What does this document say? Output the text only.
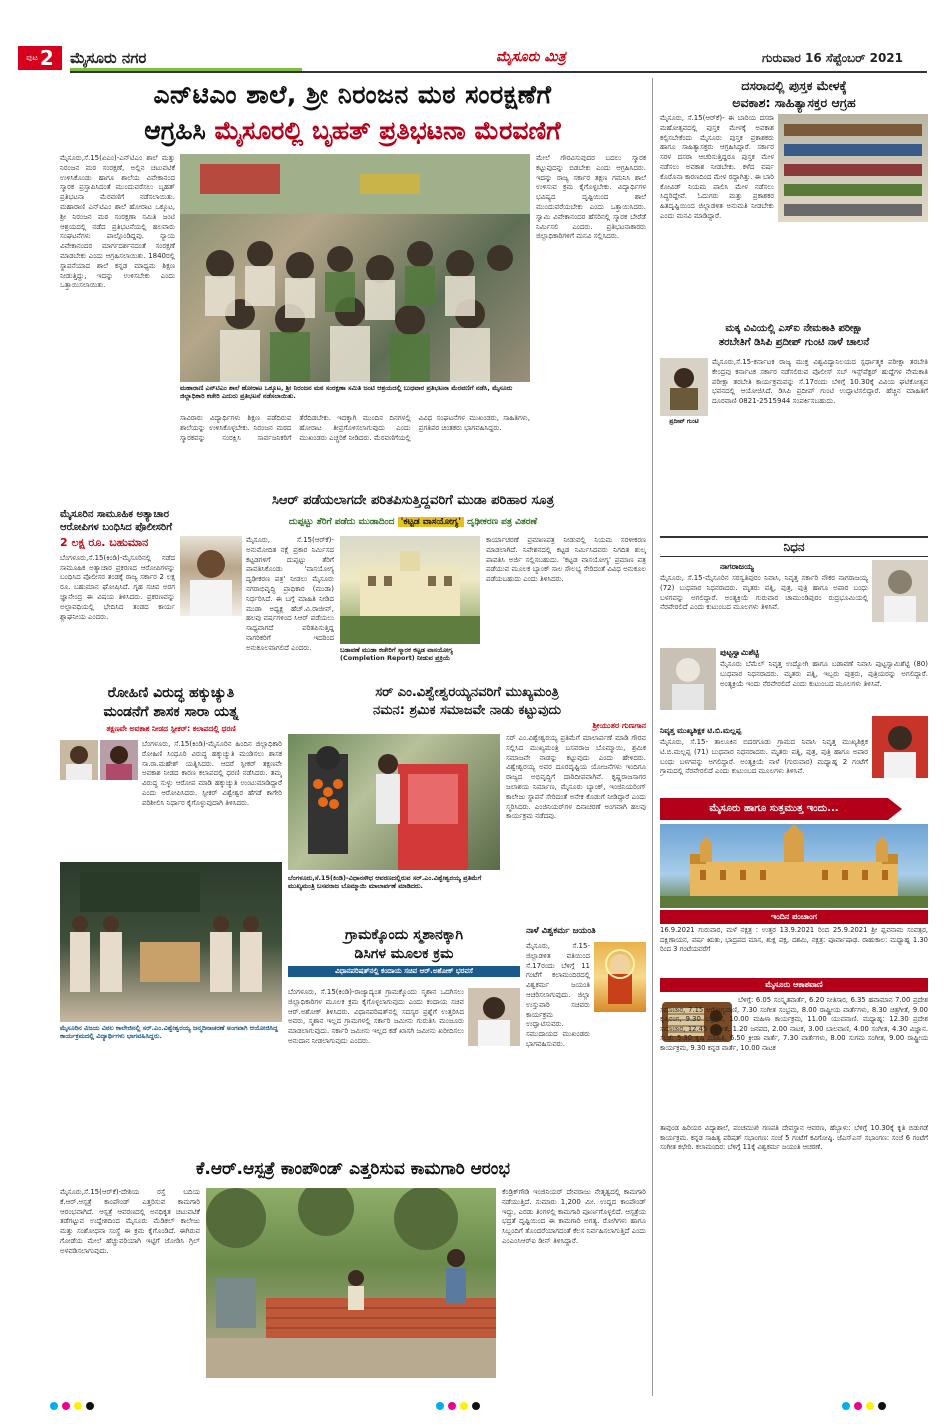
ಪುಟ 2 ಮೈಸೂರು ನಗರ	ಮೈಸೂರು ಮಿತ್ರ	ಗುರುವಾರ 16 ಸೆಪ್ಟೆಂಬರ್ 2021
ಎನ್‌ಟಿಎಂ ಶಾಲೆ, ಶ್ರೀ ನಿರಂಜನ ಮಠ ಸಂರಕ್ಷಣೆಗೆ
ಆಗ್ರಹಿಸಿ ಮೈಸೂರಲ್ಲಿ ಬೃಹತ್ ಪ್ರತಿಭಟನಾ ಮೆರವಣಿಗೆ
ಮೈಸೂರು,ಸೆ.15(ಏಎಂ)-ಎನ್‌ಟಿಎಂ ಶಾಲೆ ಮತ್ತು ನಿರಂಜನ ಮಠ ಸಂರಕ್ಷಣೆ, ಅಲ್ಲಿನ ಚಟುವಟಿಕೆ ಉಳಿಸಿಕೊಂಡು ಹಾಗೂ ಶಾಲೆಯ ವಿವೇಕಾನಂದ ಸ್ಮಾರಕ ಪ್ರಸ್ತಾಪಿಸಿದಂತೆ ಮುಂದುವರೆಸಲು ಬೃಹತ್ ಪ್ರತಿಭಟನಾ ಮೆರವಣಿಗೆ ನಡೆಸಲಾಯಿತು. ಮಹಾರಾಣಿ ಎನ್‌ಟಿಎಂ ಶಾಲೆ ಹೋರಾಟ ಒಕ್ಕೂಟ, ಶ್ರೀ ನಿರಂಜನ ಮಠ ಸಂರಕ್ಷಣಾ ಸಮಿತಿ ಜಂಟಿ ಆಶ್ರಯದಲ್ಲಿ ನಡೆದ ಪ್ರತಿಭಟನೆಯಲ್ಲಿ ಹಲವಾರು ಸಂಘಟನೆಗಳು ಪಾಲ್ಗೊಂಡಿದ್ದವು. ನ್ಯಾಯ ವಿವೇಕಾನಂದರ ಮಾರ್ಗದರ್ಶನದಂತೆ ಸಂರಕ್ಷಣೆ ಮಾಡಬೇಕು ಎಂದು ಆಗ್ರಹಿಸಲಾಯಿತು. 1840ರಲ್ಲಿ ಸ್ಥಾಪನೆಯಾದ ಶಾಲೆ ಕನ್ನಡ ಮಾಧ್ಯಮ ಶಿಕ್ಷಣ ನೀಡುತ್ತಿದ್ದು, ಇದನ್ನು ಉಳಿಸಬೇಕು ಎಂದು ಒತ್ತಾಯಿಸಲಾಯಿತು.
ಮಹಾರಾಣಿ ಎನ್‌ಟಿಎಂ ಶಾಲೆ ಹೋರಾಟ ಒಕ್ಕೂಟ, ಶ್ರೀ ನಿರಂಜನ ಮಠ ಸಂರಕ್ಷಣಾ ಸಮಿತಿ ಜಂಟಿ ಆಶ್ರಯದಲ್ಲಿ ಬುಧವಾರ ಪ್ರತಿಭಟನಾ ಮೆರವಣಿಗೆ ನಡೆಸಿ, ಮೈಸೂರು ಜಿಲ್ಲಾಧಿಕಾರಿ ಕಚೇರಿ ಎದುರು ಪ್ರತಿಭಟನೆ ನಡೆಸಲಾಯಿತು.
ಮೇಲೆ ಗೌರವಿಸುವುದರ ಬದಲು ಸ್ಮಾರಕ ಕಟ್ಟುವುದನ್ನು ಬಿಡಬೇಕು ಎಂದು ಆಗ್ರಹಿಸಿದರು. ಇದನ್ನು ರಾಜ್ಯ ಸರ್ಕಾರ ತಕ್ಷಣ ಗಮನಿಸಿ ಶಾಲೆ ಉಳಿಸುವ ಕ್ರಮ ಕೈಗೊಳ್ಳಬೇಕು. ವಿದ್ಯಾರ್ಥಿಗಳ ಭವಿಷ್ಯದ ದೃಷ್ಟಿಯಿಂದ ಶಾಲೆ ಮುಂದುವರೆಯಬೇಕು ಎಂದು ಒತ್ತಾಯಿಸಿದರು. ಸ್ವಾಮಿ ವಿವೇಕಾನಂದರ ಹೆಸರಿನಲ್ಲಿ ಸ್ಮಾರಕ ಬೇರೆಡೆ ನಿರ್ಮಿಸಲಿ ಎಂದರು. ಪ್ರತಿಭಟನಾಕಾರರು ಜಿಲ್ಲಾಧಿಕಾರಿಗಳಿಗೆ ಮನವಿ ಸಲ್ಲಿಸಿದರು.
ಸಾವಿರಾರು ವಿದ್ಯಾರ್ಥಿಗಳು ಶಿಕ್ಷಣ ಪಡೆದಿರುವ ಶಾಲೆಯನ್ನು ಉಳಿಸಿಕೊಳ್ಳಬೇಕು. ನಿರಂಜನ ಮಠದ ಸ್ಮಾರಕವನ್ನು ಸಂರಕ್ಷಿಸಿ ಸಾರ್ವಜನಿಕರಿಗೆ ತೆರೆದಿಡಬೇಕು. ಇದಕ್ಕಾಗಿ ಮುಂದಿನ ದಿನಗಳಲ್ಲಿ ಹೋರಾಟ ತೀವ್ರಗೊಳಿಸಲಾಗುವುದು ಎಂದು ಮುಖಂಡರು ಎಚ್ಚರಿಕೆ ನೀಡಿದರು. ಮೆರವಣಿಗೆಯಲ್ಲಿ ವಿವಿಧ ಸಂಘಟನೆಗಳ ಮುಖಂಡರು, ಸಾಹಿತಿಗಳು, ಪ್ರಗತಿಪರ ಚಿಂತಕರು ಭಾಗವಹಿಸಿದ್ದರು.
ಮೈಸೂರಿನ ಸಾಮೂಹಿಕ ಅತ್ಯಾಚಾರ ಆರೋಪಿಗಳ ಬಂಧಿಸಿದ ಪೊಲೀಸರಿಗೆ
2 ಲಕ್ಷ ರೂ. ಬಹುಮಾನ
ಬೆಂಗಳೂರು,ಸೆ.15(ಕಿಂಡಿ)-ಮೈಸೂರಿನಲ್ಲಿ ನಡೆದ ಸಾಮೂಹಿಕ ಅತ್ಯಾಚಾರ ಪ್ರಕರಣದ ಆರೋಪಿಗಳನ್ನು ಬಂಧಿಸಿದ ಪೊಲೀಸರ ತಂಡಕ್ಕೆ ರಾಜ್ಯ ಸರ್ಕಾರ 2 ಲಕ್ಷ ರೂ. ಬಹುಮಾನ ಘೋಷಿಸಿದೆ. ಗೃಹ ಸಚಿವ ಅರಗ ಜ್ಞಾನೇಂದ್ರ ಈ ವಿಷಯ ತಿಳಿಸಿದರು. ಪ್ರಕರಣವನ್ನು ಅಲ್ಪಾವಧಿಯಲ್ಲಿ ಭೇದಿಸಿದ ತಂಡದ ಕಾರ್ಯ ಶ್ಲಾಘನೀಯ ಎಂದರು.
ಸಿಆರ್ ಪಡೆಯಲಾಗದೇ ಪರಿತಪಿಸುತ್ತಿದ್ದವರಿಗೆ ಮುಡಾ ಪರಿಹಾರ ಸೂತ್ರ
ದುಪ್ಪಟ್ಟು ತೆರಿಗೆ ಪಡೆದು ಮುಡಾದಿಂದ 'ಕಟ್ಟಡ ವಾಸಯೋಗ್ಯ' ದೃಢೀಕರಣ ಪತ್ರ ವಿತರಣೆ
ಮೈಸೂರು, ಸೆ.15(ಆರ್‌ಕೆ)- ಅನುಮೋದಿತ ನಕ್ಷೆ ಪ್ರಕಾರ ನಿರ್ಮಿಸದ ಕಟ್ಟಡಗಳಿಗೆ ದುಪ್ಪಟ್ಟು ತೆರಿಗೆ ಪಾವತಿಸಿಕೊಂಡು 'ವಾಸಯೋಗ್ಯ ದೃಢೀಕರಣ ಪತ್ರ' ನೀಡಲು ಮೈಸೂರು ನಗರಾಭಿವೃದ್ಧಿ ಪ್ರಾಧಿಕಾರ (ಮುಡಾ) ನಿರ್ಧರಿಸಿದೆ. ಈ ಬಗ್ಗೆ ಮಾಹಿತಿ ನೀಡಿದ ಮುಡಾ ಅಧ್ಯಕ್ಷ ಹೆಚ್.ವಿ.ರಾಜೀವ್, ಹಲವು ವರ್ಷಗಳಿಂದ ಸಿಆರ್ ಪಡೆಯಲು ಸಾಧ್ಯವಾಗದೆ ಪರಿತಪಿಸುತ್ತಿದ್ದ ನಾಗರಿಕರಿಗೆ ಇದರಿಂದ ಅನುಕೂಲವಾಗಲಿದೆ ಎಂದರು.	ಬಡಾವಣೆ ಮುಡಾ ಕಚೇರಿಗೆ ಸ್ಮಾರಕ ಕಟ್ಟಡ ವಾಸಯೋಗ್ಯ (Completion Report) ನೀಡುವ ಪ್ರಕ್ರಿಯೆ
ಕಾರ್ಯಾಚರಣೆ ಪ್ರಮಾಣಪತ್ರ ನೀಡುವಲ್ಲಿ ನಿಯಮ ಸರಳೀಕರಣ ಮಾಡಲಾಗಿದೆ. ನಿವೇಶನದಲ್ಲಿ ಕಟ್ಟಡ ನಿರ್ಮಿಸಿದವರು ನಿಗದಿತ ಶುಲ್ಕ ಪಾವತಿಸಿ ಅರ್ಜಿ ಸಲ್ಲಿಸಬಹುದು. 'ಕಟ್ಟಡ ವಾಸಯೋಗ್ಯ' ಪ್ರಮಾಣ ಪತ್ರ ಪಡೆಯುವ ಮೂಲಕ ಬ್ಯಾಂಕ್ ಸಾಲ ಸೌಲಭ್ಯ ಸೇರಿದಂತೆ ವಿವಿಧ ಅನುಕೂಲ ಪಡೆಯಬಹುದು ಎಂದು ತಿಳಿಸಿದರು.
ರೋಹಿಣಿ ವಿರುದ್ಧ ಹಕ್ಕುಚ್ಯುತಿ
ಮಂಡನೆಗೆ ಶಾಸಕ ಸಾರಾ ಯತ್ನ
ತಕ್ಷಣವೇ ಅವಕಾಶ ನೀಡದ ಸ್ಪೀಕರ್: ಕಲಾಪದಲ್ಲಿ ಧರಣಿ
ಬೆಂಗಳೂರು, ಸೆ.15(ಕಿಂಡಿ)-ಮೈಸೂರಿನ ಹಿಂದಿನ ಜಿಲ್ಲಾಧಿಕಾರಿ ರೋಹಿಣಿ ಸಿಂಧೂರಿ ವಿರುದ್ಧ ಹಕ್ಕುಚ್ಯುತಿ ಮಂಡಿಸಲು ಶಾಸಕ ಸಾ.ರಾ.ಮಹೇಶ್ ಯತ್ನಿಸಿದರು. ಆದರೆ ಸ್ಪೀಕರ್ ತಕ್ಷಣವೇ ಅವಕಾಶ ನೀಡದ ಕಾರಣ ಕಲಾಪದಲ್ಲಿ ಧರಣಿ ನಡೆಸಿದರು. ತಮ್ಮ ವಿರುದ್ಧ ಸುಳ್ಳು ಆರೋಪ ಮಾಡಿ ಹಕ್ಕುಚ್ಯುತಿ ಉಂಟುಮಾಡಿದ್ದಾರೆ ಎಂದು ಆರೋಪಿಸಿದರು. ಸ್ಪೀಕರ್ ವಿಶ್ವೇಶ್ವರ ಹೆಗಡೆ ಕಾಗೇರಿ ಪರಿಶೀಲಿಸಿ ನಿರ್ಧಾರ ಕೈಗೊಳ್ಳುವುದಾಗಿ ತಿಳಿಸಿದರು.
ಮೈಸೂರಿನ ವಿಜಯ ವಿಠಲ ಕಾಲೇಜಿನಲ್ಲಿ ಸರ್.ಎಂ.ವಿಶ್ವೇಶ್ವರಯ್ಯ ಜನ್ಮದಿನಾಚರಣೆ ಅಂಗವಾಗಿ ಆಯೋಜಿಸಿದ್ದ ಕಾರ್ಯಕ್ರಮದಲ್ಲಿ ವಿದ್ಯಾರ್ಥಿಗಳು ಭಾಗವಹಿಸಿದ್ದರು.
ಸರ್ ಎಂ.ವಿಶ್ವೇಶ್ವರಯ್ಯನವರಿಗೆ ಮುಖ್ಯಮಂತ್ರಿ
ನಮನ: ಶ್ರಮಿಕ ಸಮಾಜವೇ ನಾಡು ಕಟ್ಟುವುದು
ಶ್ರೀಯುತರ ಗುಣಗಾನ
ಬೆಂಗಳೂರು,ಸೆ.15(ಕಿಂಡಿ)-ವಿಧಾನಸೌಧ ಆವರಣದಲ್ಲಿರುವ ಸರ್.ಎಂ.ವಿಶ್ವೇಶ್ವರಯ್ಯ ಪ್ರತಿಮೆಗೆ ಮುಖ್ಯಮಂತ್ರಿ ಬಸವರಾಜ ಬೊಮ್ಮಾಯಿ ಮಾಲಾರ್ಪಣೆ ಮಾಡಿದರು.
ಸರ್ ಎಂ.ವಿಶ್ವೇಶ್ವರಯ್ಯ ಪ್ರತಿಮೆಗೆ ಮಾಲಾರ್ಪಣೆ ಮಾಡಿ ಗೌರವ ಸಲ್ಲಿಸಿದ ಮುಖ್ಯಮಂತ್ರಿ ಬಸವರಾಜ ಬೊಮ್ಮಾಯಿ, ಶ್ರಮಿಕ ಸಮಾಜವೇ ನಾಡನ್ನು ಕಟ್ಟುವುದು ಎಂದು ಹೇಳಿದರು. ವಿಶ್ವೇಶ್ವರಯ್ಯ ಅವರ ದೂರದೃಷ್ಟಿಯ ಯೋಜನೆಗಳು ಇಂದಿಗೂ ರಾಜ್ಯದ ಅಭಿವೃದ್ಧಿಗೆ ದಾರಿದೀಪವಾಗಿವೆ. ಕೃಷ್ಣರಾಜಸಾಗರ ಜಲಾಶಯ ನಿರ್ಮಾಣ, ಮೈಸೂರು ಬ್ಯಾಂಕ್, ಇಂಜಿನಿಯರಿಂಗ್ ಕಾಲೇಜು ಸ್ಥಾಪನೆ ಸೇರಿದಂತೆ ಅನೇಕ ಕೊಡುಗೆ ನೀಡಿದ್ದಾರೆ ಎಂದು ಸ್ಮರಿಸಿದರು. ಎಂಜಿನಿಯರ್‌ಗಳ ದಿನಾಚರಣೆ ಅಂಗವಾಗಿ ಹಲವು ಕಾರ್ಯಕ್ರಮ ನಡೆದವು.
ಗ್ರಾಮಕ್ಕೊಂದು ಸ್ಮಶಾನಕ್ಕಾಗಿ
ಡಿಸಿಗಳ ಮೂಲಕ ಕ್ರಮ
ವಿಧಾನಪರಿಷತ್‌ನಲ್ಲಿ ಕಂದಾಯ ಸಚಿವ ಆರ್.ಅಶೋಕ್ ಭರವಸೆ
ಬೆಂಗಳೂರು, ಸೆ.15(ಕಿಂಡಿ)-ರಾಜ್ಯಾದ್ಯಂತ ಗ್ರಾಮಕ್ಕೊಂದು ಸ್ಮಶಾನ ಒದಗಿಸಲು ಜಿಲ್ಲಾಧಿಕಾರಿಗಳ ಮೂಲಕ ಕ್ರಮ ಕೈಗೊಳ್ಳಲಾಗುವುದು ಎಂದು ಕಂದಾಯ ಸಚಿವ ಆರ್.ಅಶೋಕ್ ತಿಳಿಸಿದರು. ವಿಧಾನಪರಿಷತ್‌ನಲ್ಲಿ ಸದಸ್ಯರ ಪ್ರಶ್ನೆಗೆ ಉತ್ತರಿಸಿದ ಅವರು, ಸ್ಮಶಾನ ಇಲ್ಲದ ಗ್ರಾಮಗಳಲ್ಲಿ ಸರ್ಕಾರಿ ಜಮೀನು ಗುರುತಿಸಿ ಮಂಜೂರು ಮಾಡಲಾಗುವುದು. ಸರ್ಕಾರಿ ಜಮೀನು ಇಲ್ಲದ ಕಡೆ ಖಾಸಗಿ ಜಮೀನು ಖರೀದಿಸಲು ಅನುದಾನ ನೀಡಲಾಗುವುದು ಎಂದರು.
ನಾಳೆ ವಿಶ್ವಕರ್ಮ ಜಯಂತಿ
ಮೈಸೂರು, ಸೆ.15-ಜಿಲ್ಲಾಡಳಿತ ವತಿಯಿಂದ ಸೆ.17ರಂದು ಬೆಳಿಗ್ಗೆ 11 ಗಂಟೆಗೆ ಕಲಾಮಂದಿರದಲ್ಲಿ ವಿಶ್ವಕರ್ಮ ಜಯಂತಿ ಆಚರಿಸಲಾಗುವುದು. ಜಿಲ್ಲಾ ಉಸ್ತುವಾರಿ ಸಚಿವರು ಕಾರ್ಯಕ್ರಮ ಉದ್ಘಾಟಿಸುವರು. ಸಮುದಾಯದ ಮುಖಂಡರು ಭಾಗವಹಿಸುವರು.
ಕೆ.ಆರ್.ಆಸ್ಪತ್ರೆ ಕಾಂಪೌಂಡ್ ಎತ್ತರಿಸುವ ಕಾಮಗಾರಿ ಆರಂಭ
ಮೈಸೂರು,ಸೆ.15(ಆರ್‌ಕೆ)-ದೇಶಿಯ ರಸ್ತೆ ಬದಿಯ ಕೆ.ಆರ್.ಆಸ್ಪತ್ರೆ ಕಾಂಪೌಂಡ್ ಎತ್ತರಿಸುವ ಕಾಮಗಾರಿ ಆರಂಭವಾಗಿದೆ. ಆಸ್ಪತ್ರೆ ಆವರಣದಲ್ಲಿ ಅನಧಿಕೃತ ಚಟುವಟಿಕೆ ತಡೆಗಟ್ಟುವ ಉದ್ದೇಶದಿಂದ ಮೈಸೂರು ಮೆಡಿಕಲ್ ಕಾಲೇಜು ಮತ್ತು ಸಂಶೋಧನಾ ಸಂಸ್ಥೆ ಈ ಕ್ರಮ ಕೈಗೊಂಡಿದೆ. ಈಗಿರುವ ಗೋಡೆಯ ಮೇಲೆ ಹೆಚ್ಚುವರಿಯಾಗಿ ಇಟ್ಟಿಗೆ ಜೋಡಿಸಿ ಗ್ರಿಲ್ ಅಳವಡಿಸಲಾಗುವುದು.
ಕೆಂಡ್ರಿಕ್‌ಗೌಡಿ ಇಂಜಿನಿಯರ್ ದೇವರಾಜು ನೇತೃತ್ವದಲ್ಲಿ ಕಾಮಗಾರಿ ನಡೆಯುತ್ತಿದೆ. ಸುಮಾರು 1,200 ಮೀ. ಉದ್ದದ ಕಾಂಪೌಂಡ್ ಇದ್ದು, ಎರಡು ತಿಂಗಳಲ್ಲಿ ಕಾಮಗಾರಿ ಪೂರ್ಣಗೊಳ್ಳಲಿದೆ. ಆಸ್ಪತ್ರೆಯ ಭದ್ರತೆ ದೃಷ್ಟಿಯಿಂದ ಈ ಕಾಮಗಾರಿ ಅಗತ್ಯ. ರೋಗಿಗಳು ಹಾಗೂ ಸಿಬ್ಬಂದಿಗೆ ತೊಂದರೆಯಾಗದಂತೆ ಕೆಲಸ ನಿರ್ವಹಿಸಲಾಗುತ್ತಿದೆ ಎಂದು ಎಂಎಂಸಿಆರ್‌ಐ ಡೀನ್ ತಿಳಿಸಿದ್ದಾರೆ.
ದಸರಾದಲ್ಲಿ ಪುಸ್ತಕ ಮೇಳಕ್ಕೆ
ಅವಕಾಶ: ಸಾಹಿತ್ಯಾಸಕ್ತರ ಆಗ್ರಹ
ಮೈಸೂರು, ಸೆ.15(ಆರ್‌ಕೆ)- ಈ ಬಾರಿಯ ದಸರಾ ಮಹೋತ್ಸವದಲ್ಲಿ ಪುಸ್ತಕ ಮೇಳಕ್ಕೆ ಅವಕಾಶ ಕಲ್ಪಿಸಬೇಕೆಂದು ಮೈಸೂರು ಪುಸ್ತಕ ಪ್ರಕಾಶಕರು ಹಾಗೂ ಸಾಹಿತ್ಯಾಸಕ್ತರು ಆಗ್ರಹಿಸಿದ್ದಾರೆ. ಸರ್ಕಾರ ಸರಳ ದಸರಾ ಆಚರಿಸುತ್ತಿದ್ದರೂ ಪುಸ್ತಕ ಮೇಳ ನಡೆಸಲು ಅವಕಾಶ ನೀಡಬೇಕು. ಕಳೆದ ವರ್ಷ ಕೊರೊನಾ ಕಾರಣದಿಂದ ಮೇಳ ರದ್ದಾಗಿತ್ತು. ಈ ಬಾರಿ ಕೋವಿಡ್ ನಿಯಮ ಪಾಲಿಸಿ ಮೇಳ ನಡೆಸಲು ಸಿದ್ಧರಿದ್ದೇವೆ. ಓದುಗರು ಮತ್ತು ಪ್ರಕಾಶಕರ ಹಿತದೃಷ್ಟಿಯಿಂದ ಜಿಲ್ಲಾಡಳಿತ ಅನುಮತಿ ನೀಡಬೇಕು ಎಂದು ಮನವಿ ಮಾಡಿದ್ದಾರೆ.
ಮಕ್ಕ ವಿವಿಯಲ್ಲಿ ಎಸ್‌ಐ ನೇಮಕಾತಿ ಪರೀಕ್ಷಾ
ತರಬೇತಿಗೆ ಡಿಸಿಪಿ ಪ್ರದೀಪ್ ಗುಂಟಿ ನಾಳೆ ಚಾಲನೆ
ಪ್ರದೀಪ್ ಗುಂಟಿ
ಮೈಸೂರು,ಸೆ.15-ಕರ್ನಾಟಕ ರಾಜ್ಯ ಮುಕ್ತ ವಿಶ್ವವಿದ್ಯಾನಿಲಯದ ಸ್ಪರ್ಧಾತ್ಮಕ ಪರೀಕ್ಷಾ ತರಬೇತಿ ಕೇಂದ್ರವು ಕರ್ನಾಟಕ ಸರ್ಕಾರ ನಡೆಸಲಿರುವ ಪೊಲೀಸ್ ಸಬ್ ಇನ್ಸ್‌ಪೆಕ್ಟರ್ ಹುದ್ದೆಗಳ ನೇಮಕಾತಿ ಪರೀಕ್ಷಾ ತರಬೇತಿ ಕಾರ್ಯಕ್ರಮವನ್ನು ಸೆ.17ರಂದು ಬೆಳಿಗ್ಗೆ 10.30ಕ್ಕೆ ವಿವಿಯ ಘಟಿಕೋತ್ಸವ ಭವನದಲ್ಲಿ ಆಯೋಜಿಸಿದೆ. ಡಿಸಿಪಿ ಪ್ರದೀಪ್ ಗುಂಟಿ ಉದ್ಘಾಟಿಸಲಿದ್ದಾರೆ. ಹೆಚ್ಚಿನ ಮಾಹಿತಿಗೆ ದೂರವಾಣಿ 0821-2515944 ಸಂಪರ್ಕಿಸಬಹುದು.
ನಿಧನ
ನಾಗರಾಜಯ್ಯ
ಮೈಸೂರು, ಸೆ.15-ಮೈಸೂರಿನ ಸರಸ್ವತಿಪುರಂ ನಿವಾಸಿ, ನಿವೃತ್ತ ಸರ್ಕಾರಿ ನೌಕರ ನಾಗರಾಜಯ್ಯ (72) ಬುಧವಾರ ನಿಧನರಾದರು. ಮೃತರು ಪತ್ನಿ, ಪುತ್ರ, ಪುತ್ರಿ ಹಾಗೂ ಅಪಾರ ಬಂಧು ಬಳಗವನ್ನು ಅಗಲಿದ್ದಾರೆ. ಅಂತ್ಯಕ್ರಿಯೆ ಗುರುವಾರ ಚಾಮುಂಡಿಪುರಂ ರುದ್ರಭೂಮಿಯಲ್ಲಿ ನೆರವೇರಲಿದೆ ಎಂದು ಕುಟುಂಬದ ಮೂಲಗಳು ತಿಳಿಸಿವೆ.
ಪುಟ್ಟಸ್ವಾಮಿಶೆಟ್ಟಿ
ಮೈಸೂರು ಬೆಮೆಲ್ ನಿವೃತ್ತ ಉದ್ಯೋಗಿ ಹಾಗೂ ಬಡಾವಣೆ ನಿವಾಸಿ ಪುಟ್ಟಸ್ವಾಮಿಶೆಟ್ಟಿ (80) ಬುಧವಾರ ನಿಧನರಾದರು. ಮೃತರು ಪತ್ನಿ, ಇಬ್ಬರು ಪುತ್ರರು, ಪುತ್ರಿಯರನ್ನು ಅಗಲಿದ್ದಾರೆ. ಅಂತ್ಯಕ್ರಿಯೆ ಇಂದು ನೆರವೇರಲಿದೆ ಎಂದು ಕುಟುಂಬದ ಮೂಲಗಳು ತಿಳಿಸಿವೆ.
ನಿವೃತ್ತ ಮುಖ್ಯಶಿಕ್ಷಕ ಟಿ.ಬಿ.ಮಲ್ಲಪ್ಪ
ಮೈಸೂರು, ಸೆ.15- ತಾಲೂಕಿನ ಬಿದರಗೂಡು ಗ್ರಾಮದ ನಿವಾಸಿ ನಿವೃತ್ತ ಮುಖ್ಯಶಿಕ್ಷಕ ಟಿ.ಬಿ.ಮಲ್ಲಪ್ಪ (71) ಬುಧವಾರ ನಿಧನರಾದರು. ಮೃತರು ಪತ್ನಿ, ಪುತ್ರ, ಪುತ್ರಿ ಹಾಗೂ ಅಪಾರ ಬಂಧು ಬಳಗವನ್ನು ಅಗಲಿದ್ದಾರೆ. ಅಂತ್ಯಕ್ರಿಯೆ ನಾಳೆ (ಗುರುವಾರ) ಮಧ್ಯಾಹ್ನ 2 ಗಂಟೆಗೆ ಗ್ರಾಮದಲ್ಲಿ ನೆರವೇರಲಿದೆ ಎಂದು ಕುಟುಂಬದ ಮೂಲಗಳು ತಿಳಿಸಿವೆ.
ಮೈಸೂರು ಹಾಗೂ ಸುತ್ತಮುತ್ತ ಇಂದು...
ಇಂದಿನ ಪಂಚಾಂಗ
16.9.2021 ಗುರುವಾರ, ಮಳೆ ನಕ್ಷತ್ರ : ಉತ್ತರ 13.9.2021 ರಿಂದ 25.9.2021 ಶ್ರೀ ಪ್ಲವನಾಮ ಸಂವತ್ಸರ, ದಕ್ಷಿಣಾಯನ, ವರ್ಷ ಋತು, ಭಾದ್ರಪದ ಮಾಸ, ಶುಕ್ಲ ಪಕ್ಷ, ದಶಮಿ, ನಕ್ಷತ್ರ: ಪೂರ್ವಾಷಾಢ. ರಾಹುಕಾಲ: ಮಧ್ಯಾಹ್ನ 1.30 ರಿಂದ 3 ಗಂಟೆಯವರೆಗೆ
ಮೈಸೂರು ಆಕಾಶವಾಣಿ
ಬೆಳಿಗ್ಗೆ: 6.05 ಸಂಸ್ಕೃತವಾರ್ತೆ, 6.20 ನೀತಿಸಾರ, 6.35 ಹವಾಮಾನ 7.00 ಪ್ರದೇಶ ಸಮಾಚಾರ, 7.15 ಆರೋಗ್ಯವಾಣಿ, 7.30 ಸಂಗೀತ ಸಂಭ್ರಮ, 8.00 ರಾಷ್ಟ್ರೀಯ ವಾರ್ತೆಗಳು, 8.30 ಚಿತ್ರಗೀತೆ, 9.00 ಕೃಷಿರಂಗ, 9.30 ಭಕ್ತಿಗೀತೆ, 10.00 ಮಹಿಳಾ ಕಾರ್ಯಕ್ರಮ, 11.00 ಯುವವಾಣಿ. ಮಧ್ಯಾಹ್ನ: 12.30 ಪ್ರದೇಶ ಸಮಾಚಾರ, 12.45 ಚಿತ್ರಗೀತೆ, 1.20 ಜನಪದ, 2.00 ನಾಟಕ, 3.00 ಬಾಲವಾಣಿ, 4.00 ಸಂಗೀತ, 4.30 ವಿಜ್ಞಾನ. ಸಂಜೆ: 5.30 ಕೃಷಿ ಮಾಹಿತಿ, 6.50 ಕ್ರೀಡಾ ವಾರ್ತೆ, 7.30 ವಾರ್ತೆಗಳು, 8.00 ಸುಗಮ ಸಂಗೀತ, 9.00 ರಾಷ್ಟ್ರೀಯ ಕಾರ್ಯಕ್ರಮ, 9.30 ಕನ್ನಡ ವಾರ್ತೆ, 10.00 ನಾಟಕ
ತಾವುಂಡ ಹಿರಿಯರ ವಿದ್ಯಾಶಾಲೆ, ಪಂಚಮುಖಿ ಗಣಪತಿ ದೇವಸ್ಥಾನ ಆವರಣ, ಹೆಬ್ಬಾಳು: ಬೆಳಿಗ್ಗೆ 10.30ಕ್ಕೆ ಕೃತಿ ಬಿಡುಗಡೆ ಕಾರ್ಯಕ್ರಮ. ಕನ್ನಡ ಸಾಹಿತ್ಯ ಪರಿಷತ್ ಸಭಾಂಗಣ: ಸಂಜೆ 5 ಗಂಟೆಗೆ ಕವಿಗೋಷ್ಠಿ. ಜೆಎಸ್‌ಎಸ್ ಸಭಾಂಗಣ: ಸಂಜೆ 6 ಗಂಟೆಗೆ ಸಂಗೀತ ಕಛೇರಿ. ಕಲಾಮಂದಿರ: ಬೆಳಿಗ್ಗೆ 11ಕ್ಕೆ ವಿಶ್ವಕರ್ಮ ಜಯಂತಿ ಆಚರಣೆ.
